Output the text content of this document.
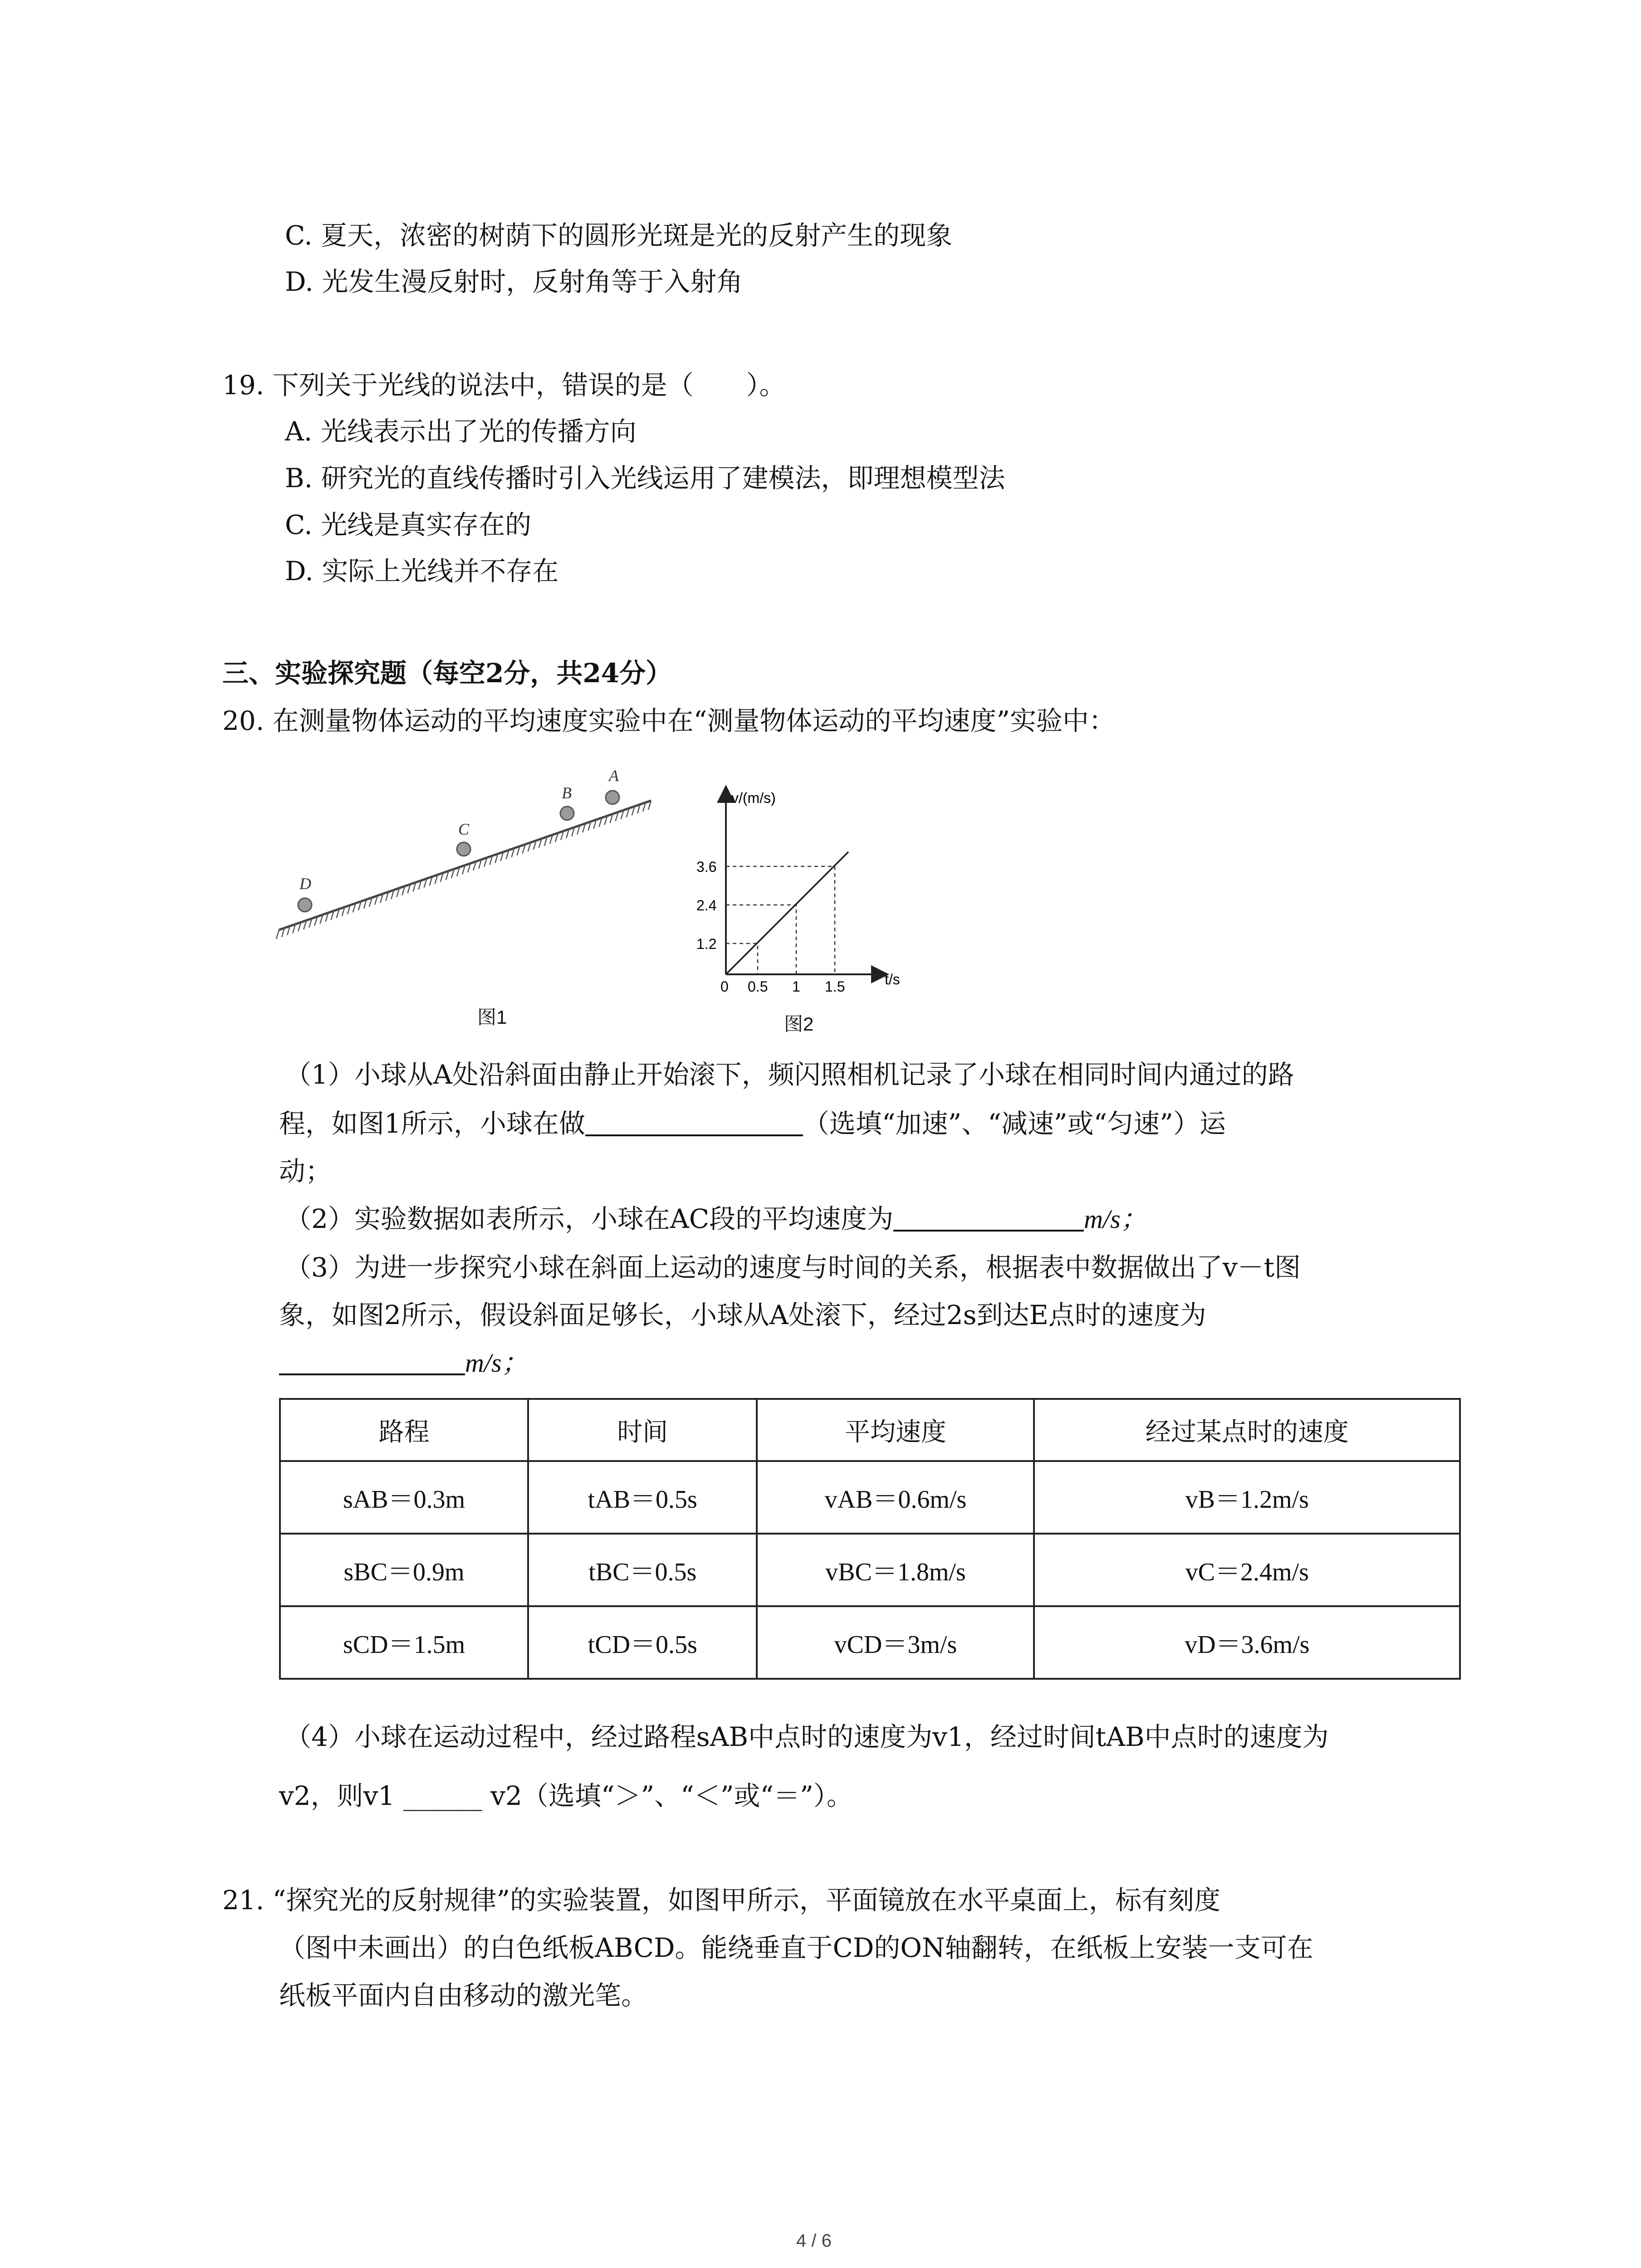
C. 夏天，浓密的树荫下的圆形光斑是光的反射产生的现象
D. 光发生漫反射时，反射角等于入射角
19. 下列关于光线的说法中，错误的是（　　）。
A. 光线表示出了光的传播方向
B. 研究光的直线传播时引入光线运用了建模法，即理想模型法
C. 光线是真实存在的
D. 实际上光线并不存在
三、实验探究题（每空2分，共24分）
20. 在测量物体运动的平均速度实验中在“测量物体运动的平均速度”实验中：
D
C
B
A
图1
v/(m/s)
t/s
0
1.2
2.4
3.6
0.5 1 1.5
图2
（1）小球从A处沿斜面由静止开始滚下，频闪照相机记录了小球在相同时间内通过的路
程，如图1所示，小球在做	（选填“加速”、“减速”或“匀速”）运
动；
（2）实验数据如表所示，小球在AC段的平均速度为	m/s；
（3）为进一步探究小球在斜面上运动的速度与时间的关系，根据表中数据做出了v－t图
象，如图2所示，假设斜面足够长，小球从A处滚下，经过2s到达E点时的速度为
m/s；
路程	时间	平均速度	经过某点时的速度
sAB＝0.3m	tAB＝0.5s	vAB＝0.6m/s	vB＝1.2m/s
sBC＝0.9m	tBC＝0.5s	vBC＝1.8m/s	vC＝2.4m/s
sCD＝1.5m	tCD＝0.5s	vCD＝3m/s	vD＝3.6m/s
（4）小球在运动过程中，经过路程sAB中点时的速度为v1，经过时间tAB中点时的速度为
v2，则v1 ______ v2（选填“＞”、“＜”或“＝”）。
21. “探究光的反射规律”的实验装置，如图甲所示，平面镜放在水平桌面上，标有刻度
（图中未画出）的白色纸板ABCD。能绕垂直于CD的ON轴翻转，在纸板上安装一支可在
纸板平面内自由移动的激光笔。
4 / 6
